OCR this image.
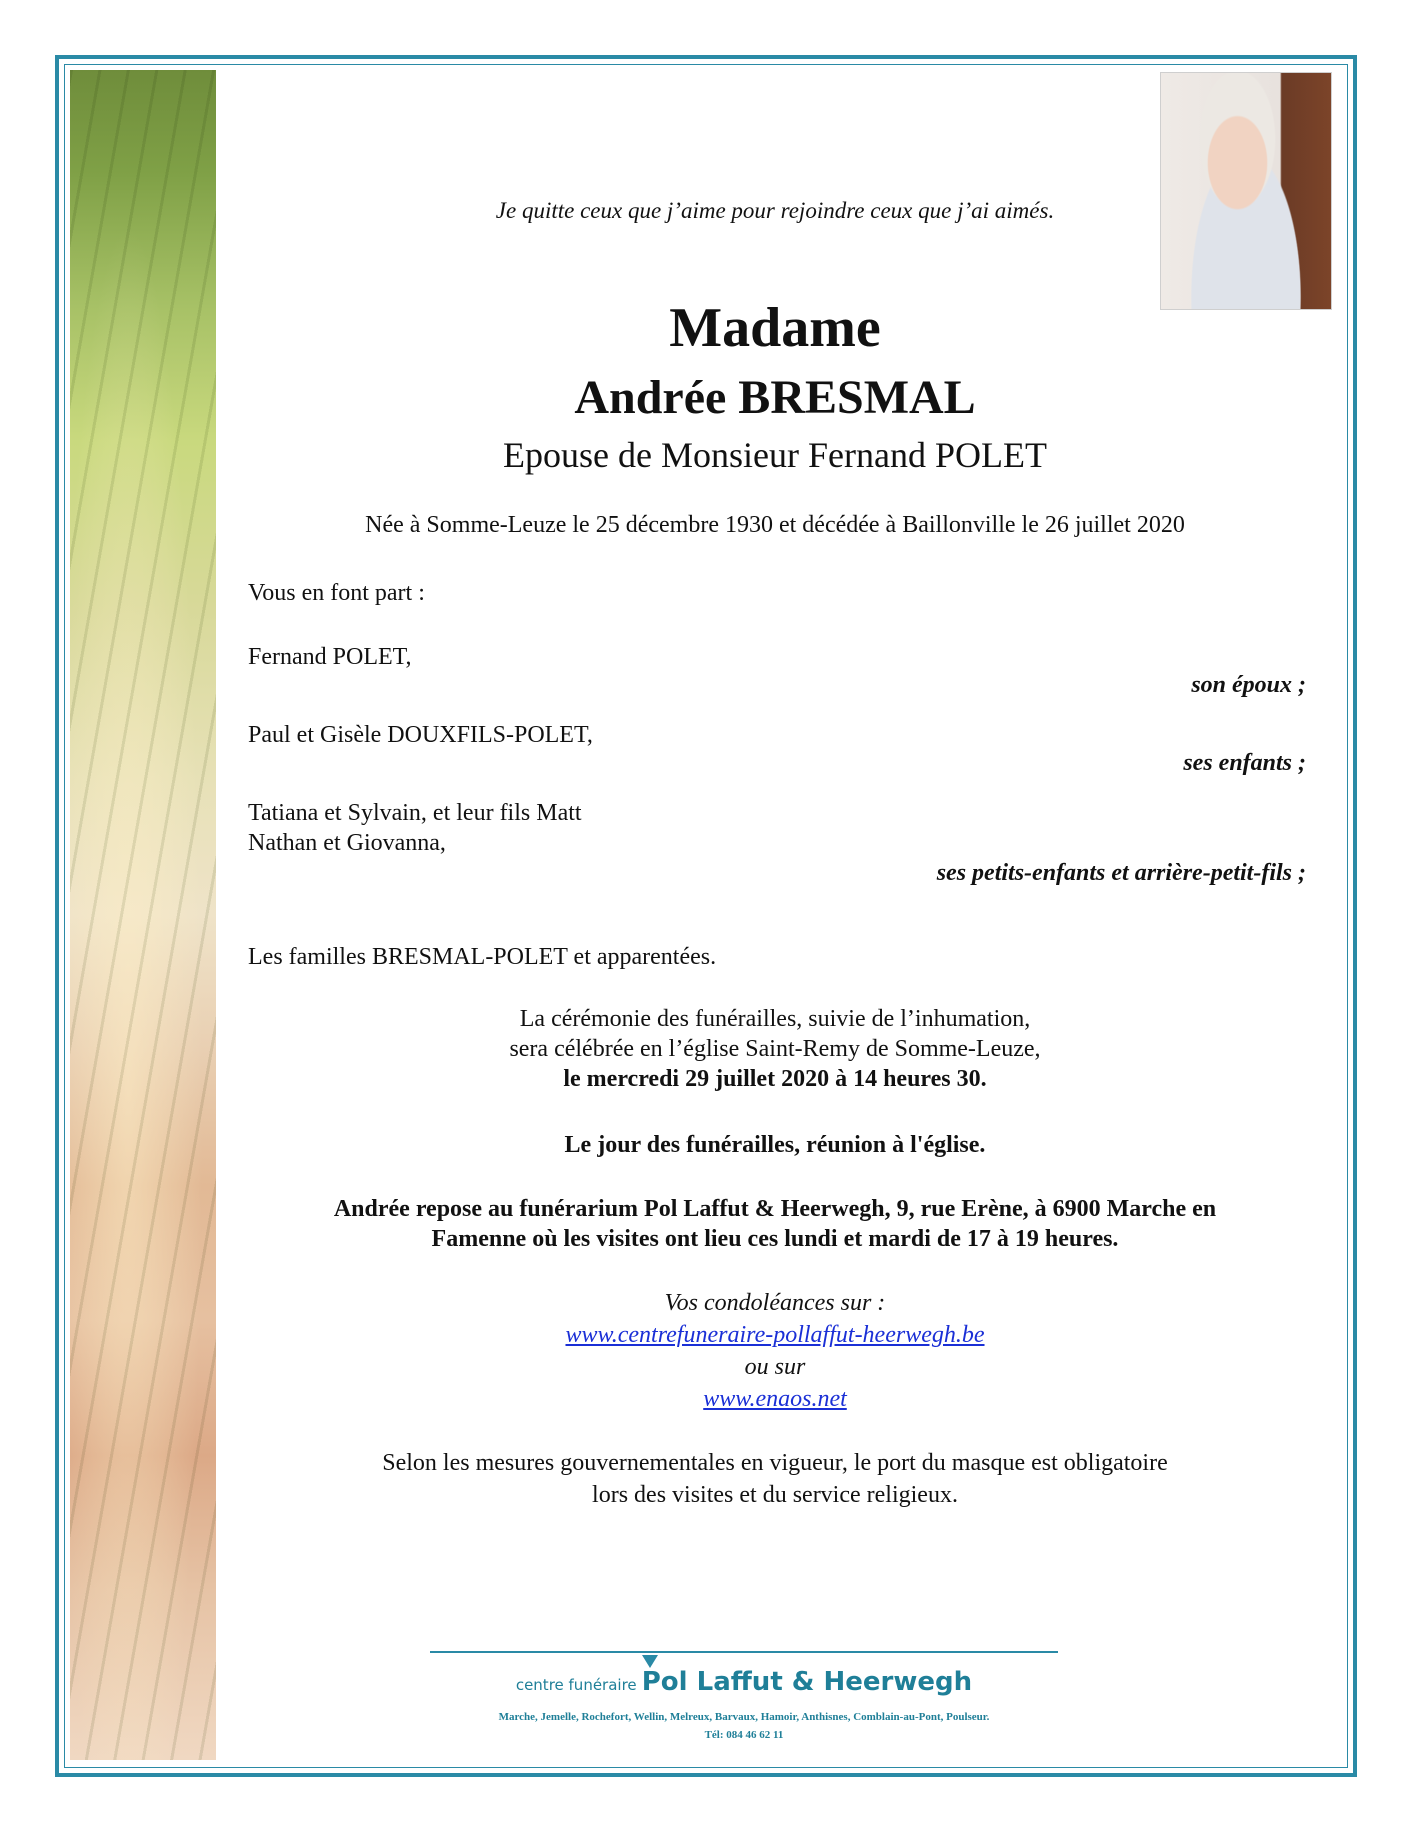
Je quitte ceux que j’aime pour rejoindre ceux que j’ai aimés.
Madame
Andrée BRESMAL
Epouse de Monsieur Fernand POLET
Née à Somme-Leuze le 25 décembre 1930 et décédée à Baillonville le 26 juillet 2020
Vous en font part :
Fernand POLET,
son époux ;
Paul et Gisèle DOUXFILS-POLET,
ses enfants ;
Tatiana et Sylvain, et leur fils Matt
Nathan et Giovanna,
ses petits-enfants et arrière-petit-fils ;
Les familles BRESMAL-POLET et apparentées.
La cérémonie des funérailles, suivie de l’inhumation,
sera célébrée en l’église Saint-Remy de Somme-Leuze,
le mercredi 29 juillet 2020 à 14 heures 30.
Le jour des funérailles, réunion à l'église.
Andrée repose au funérarium Pol Laffut & Heerwegh, 9, rue Erène, à 6900 Marche en
Famenne où les visites ont lieu ces lundi et mardi de 17 à 19 heures.
Vos condoléances sur :
www.centrefuneraire-pollaffut-heerwegh.be
ou sur
www.enaos.net
Selon les mesures gouvernementales en vigueur, le port du masque est obligatoire
lors des visites et du service religieux.
centre funéraire Pol Laffut & Heerwegh
Marche, Jemelle, Rochefort, Wellin, Melreux, Barvaux, Hamoir, Anthisnes, Comblain-au-Pont, Poulseur.
Tél: 084 46 62 11
